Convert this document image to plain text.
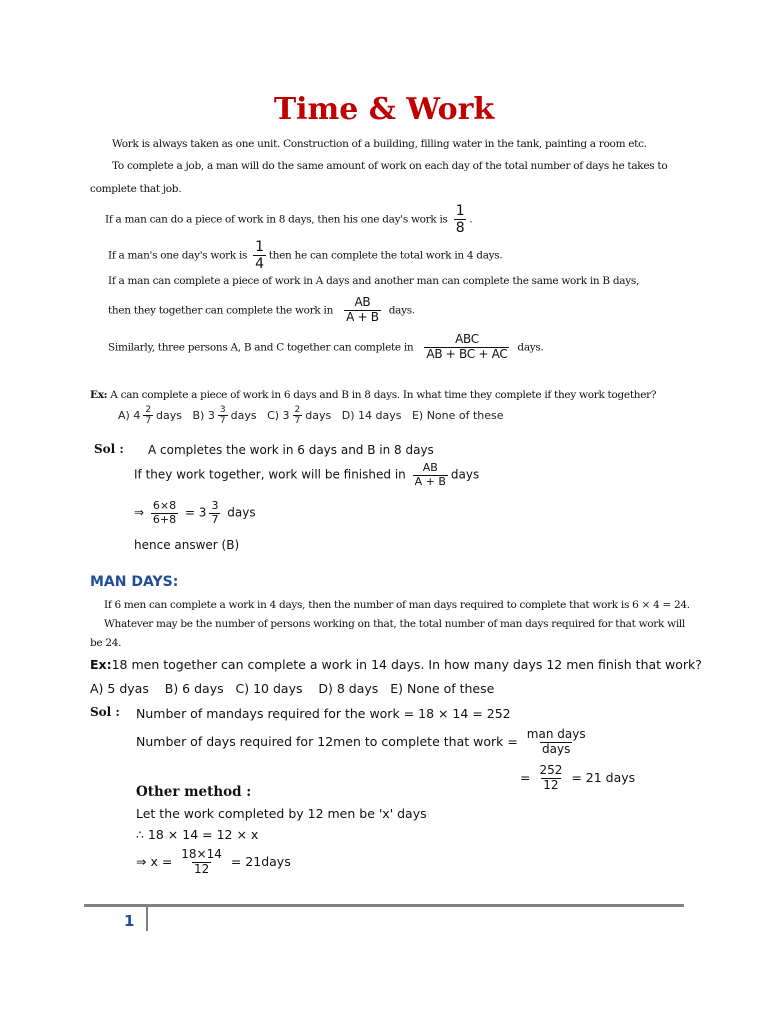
Time & Work
Work is always taken as one unit. Construction of a building, filling water in the tank, painting a room etc.
To complete a job, a man will do the same amount of work on each day of the total number of days he takes to
complete that job.
If a man can do a piece of work in 8 days, then his one day's work is $\frac{1}{8}$ .
If a man's one day's work is $\frac{1}{4}$ then he can complete the total work in 4 days.
If a man can complete a piece of work in A days and another man can complete the same work in B days,
then they together can complete the work in $\frac{AB}{A + B}$ days.
Similarly, three persons A, B and C together can complete in $\frac{\text{ABC}}{AB + BC + AC}$ days.
Ex: A can complete a piece of work in 6 days and B in 8 days. In what time they complete if they work together?
A) $4 \frac{2}{7}$ days B) $3 \frac{3}{7}$ days C) $3 \frac{2}{7}$ days D) 14 days E) None of these
Sol : A completes the work in 6 days and B in 8 days
If they work together, work will be finished in $\frac{AB}{A + B}$ days
⇒ $\frac{6\times 8}{6+8} = 3 \frac{3}{7}$ days
hence answer (B)
MAN DAYS:
If 6 men can complete a work in 4 days, then the number of man days required to complete that work is 6 × 4 = 24.
Whatever may be the number of persons working on that, the total number of man days required for that work will
be 24.
Ex:18 men together can complete a work in 14 days. In how many days 12 men finish that work?
A) 5 dyas B) 6 days C) 10 days D) 8 days E) None of these
Sol : Number of mandays required for the work = 18 × 14 = 252
Number of days required for 12men to complete that work = $\frac{\text{man days}}{\text{days}}$
= $\frac{252}{12} = 21$ days
Other method :
Let the work completed by 12 men be 'x' days
∴ 18 × 14 = 12 × x
⇒ $x = \frac{18\times 14}{12}$ = 21days
1
